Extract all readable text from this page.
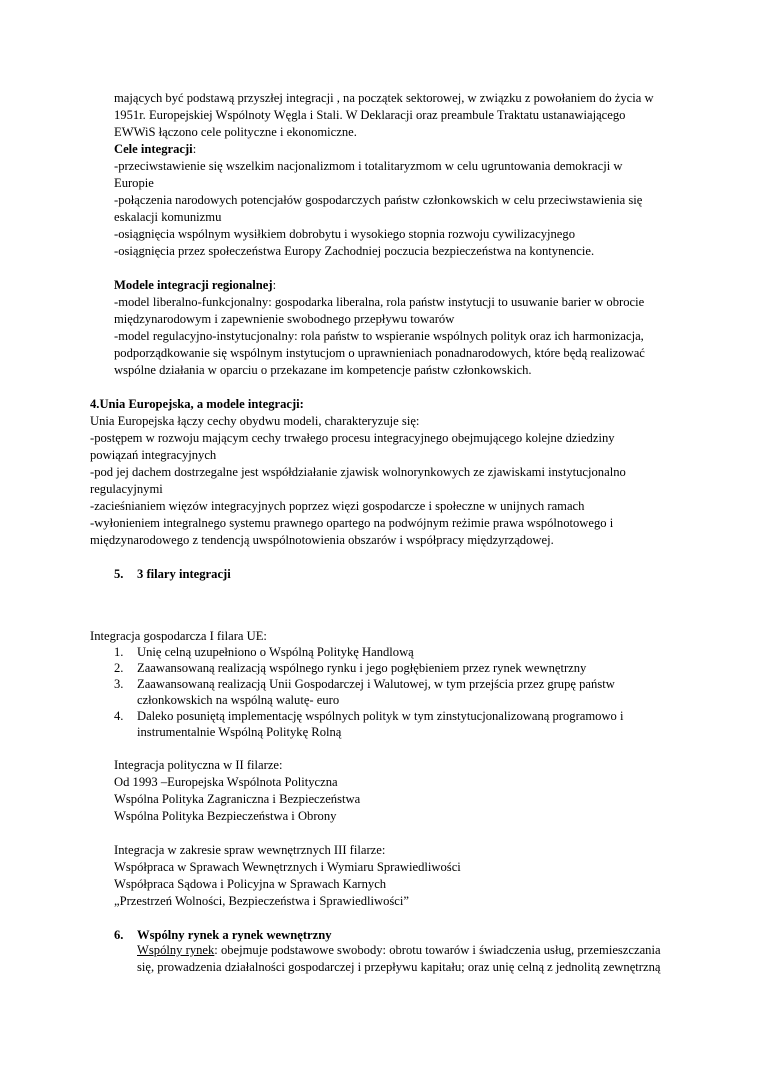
mających być podstawą przyszłej integracji , na początek sektorowej, w związku z powołaniem do życia w
1951r. Europejskiej Wspólnoty Węgla i Stali. W Deklaracji oraz preambule Traktatu ustanawiającego
EWWiS łączono cele polityczne i ekonomiczne.
Cele integracji:
-przeciwstawienie się wszelkim nacjonalizmom i totalitaryzmom w celu ugruntowania demokracji w
Europie
-połączenia narodowych potencjałów gospodarczych państw członkowskich w celu przeciwstawienia się
eskalacji komunizmu
-osiągnięcia wspólnym wysiłkiem dobrobytu i wysokiego stopnia rozwoju cywilizacyjnego
-osiągnięcia przez społeczeństwa Europy Zachodniej poczucia bezpieczeństwa na kontynencie.
Modele integracji regionalnej:
-model liberalno-funkcjonalny: gospodarka liberalna, rola państw instytucji to usuwanie barier w obrocie
międzynarodowym i zapewnienie swobodnego przepływu towarów
-model regulacyjno-instytucjonalny: rola państw to wspieranie wspólnych polityk oraz ich harmonizacja,
podporządkowanie się wspólnym instytucjom o uprawnieniach ponadnarodowych, które będą realizować
wspólne działania w oparciu o przekazane im kompetencje państw członkowskich.
4.Unia Europejska, a modele integracji:
Unia Europejska łączy cechy obydwu modeli, charakteryzuje się:
-postępem w rozwoju mającym cechy trwałego procesu integracyjnego obejmującego kolejne dziedziny
powiązań integracyjnych
-pod jej dachem dostrzegalne jest współdziałanie zjawisk wolnorynkowych ze zjawiskami instytucjonalno
regulacyjnymi
-zacieśnianiem więzów integracyjnych poprzez więzi gospodarcze i społeczne w unijnych ramach
-wyłonieniem integralnego systemu prawnego opartego na podwójnym reżimie prawa wspólnotowego i
międzynarodowego z tendencją uwspólnotowienia obszarów i współpracy międzyrządowej.
5. 3 filary integracji
Integracja gospodarcza I filara UE:
1. Unię celną uzupełniono o Wspólną Politykę Handlową
2. Zaawansowaną realizacją wspólnego rynku i jego pogłębieniem przez rynek wewnętrzny
3. Zaawansowaną realizacją Unii Gospodarczej i Walutowej, w tym przejścia przez grupę państw
członkowskich na wspólną walutę- euro
4. Daleko posuniętą implementację wspólnych polityk w tym zinstytucjonalizowaną programowo i
instrumentalnie Wspólną Politykę Rolną
Integracja polityczna w II filarze:
Od 1993 –Europejska Wspólnota Polityczna
Wspólna Polityka Zagraniczna i Bezpieczeństwa
Wspólna Polityka Bezpieczeństwa i Obrony
Integracja w zakresie spraw wewnętrznych III filarze:
Współpraca w Sprawach Wewnętrznych i Wymiaru Sprawiedliwości
Współpraca Sądowa i Policyjna w Sprawach Karnych
„Przestrzeń Wolności, Bezpieczeństwa i Sprawiedliwości”
6. Wspólny rynek a rynek wewnętrzny
Wspólny rynek: obejmuje podstawowe swobody: obrotu towarów i świadczenia usług, przemieszczania
się, prowadzenia działalności gospodarczej i przepływu kapitału; oraz unię celną z jednolitą zewnętrzną
